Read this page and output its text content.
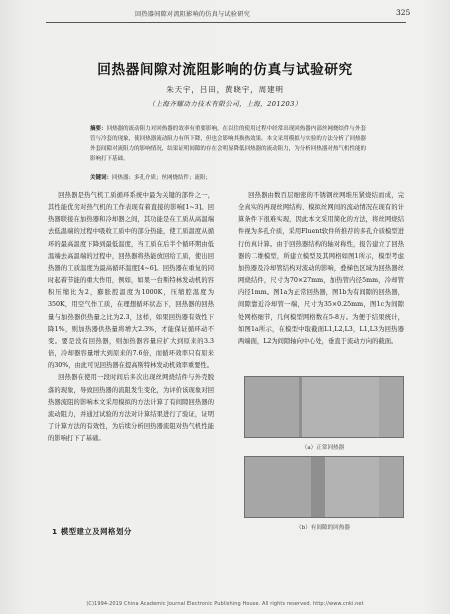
回热器间隙对流阻影响的仿真与试验研究	325
回热器间隙对流阻影响的仿真与试验研究
朱天宇，吕田，黄晓宇，周建明
（上海齐耀动力技术有限公司，上海，201203）
摘要：回热器的流动阻力对回热器的效率有重要影响，在以往的使用过程中经常出现回热器内部丝网烧结件与外套管与冷套的现象，使回热器流动阻力有所下降，但也会影响其换热效果。本文采用模拟与实验的方法分析了回热器外套间隙对流阻力的影响情况，结果证明间隙的存在会明显降低回热器的流动阻力，为分析回热器对热气机性能的影响打下基础。
关键词：回热器；多孔介质；丝网烧结件；流阻；

回热器是热气机工质循环系统中最为关键的部件之一，其性能优劣对热气机的工作表现有着直接的影响[1~3]。回热器联接在加热器和冷却器之间，其功能是在工质从高温端去低温端的过程中吸收工质中的部分热能，使工质温度从循环的最高温度下降到最低温度，当工质在后半个循环期由低温端去高温端的过程中，回热器将热能放回给工质，使出回热器的工质温度为最高循环温度[4~6]。回热器在重复的同时起着节能的重大作用，例如，如果一台斯特林发动机的容积压缩比为2，膨胀腔温度为1000K，压缩腔温度为350K，用空气作工质，在理想循环状态下，回热器的回热量与加热器供热量之比为2.3，这样，如果回热器有效性下降1%，则加热器供热量将增大2.3%，才能保证循环动不变。要是没有回热器，则加热器容量应扩大到原来的3.3倍，冷却器容量增大到原来的7.6倍，而循环效率只有原来的30%，由此可见回热器在提高斯特林发动机效率重要性。

回热器在使用一段时间后多次出现丝网烧结件与外壳脱落的现象，导致回热器的流阻发生变化，为评价该现象对回热器流阻的影响本文采用模拟的方法计算了有间隙回热器的流动阻力，并通过试验的方法对计算结果进行了验证，证明了计算方法的有效性，为后续分析回热器流阻对热气机性能的影响打下了基础。

1 模型建立及网格划分

回热器由数百层细密的不锈钢丝网堆压紧烧结而成，完全真实的再现丝网结构、模拟丝网间的流动情况在现有的计算条件下很难实现，因此本文采用简化的方法，将丝网烧结件视为多孔介质，采用Fluent软件所推荐的多孔介质模型进行仿真计算。由于回热器结构的轴对称性，报告建立了回热器的二维模型，所建立模型及其网格如图1所示，模型考虑加热器及冷却管结构对流动的影响，叠梯色区域为回热器丝网烧结件，尺寸为70×27mm，加热管内径5mm，冷却管内径1mm。图1a为正常回热器，图1b为有间隙的回热器，间隙靠近冷却管一端，尺寸为35×0.25mm，图1c为间隙处网格细节，几何模型网格数在5-8万。为便于结果统计，如图1a所示，在模型中取截面L1,L2,L3，L1,L3为回热器两端面，L2为间隙轴向中心处，垂直于流动方向的截面。

（a）正常回热器
（b）有间隙的回热器
(C)1994-2019 China Academic Journal Electronic Publishing House. All rights reserved. http://www.cnki.net
